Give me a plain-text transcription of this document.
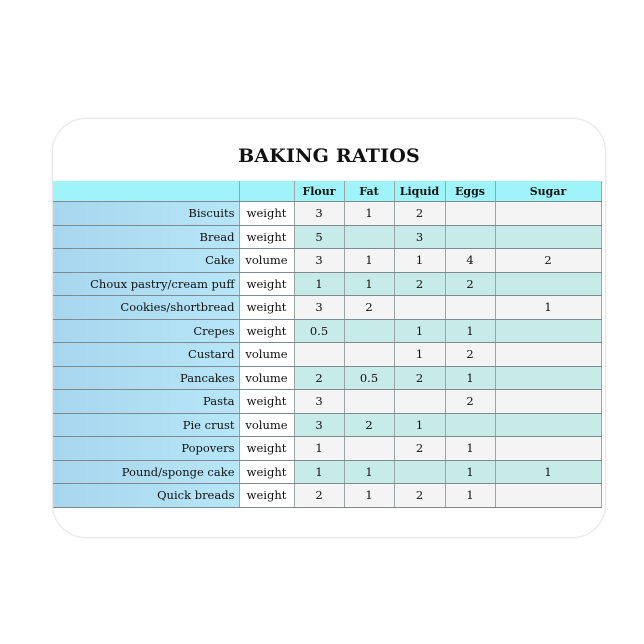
BAKING RATIOS
		Flour	Fat	Liquid	Eggs	Sugar
Biscuits	weight	3	1	2		
Bread	weight	5		3		
Cake	volume	3	1	1	4	2
Choux pastry/cream puff	weight	1	1	2	2	
Cookies/shortbread	weight	3	2			1
Crepes	weight	0.5		1	1	
Custard	volume			1	2	
Pancakes	volume	2	0.5	2	1	
Pasta	weight	3			2	
Pie crust	volume	3	2	1		
Popovers	weight	1		2	1	
Pound/sponge cake	weight	1	1		1	1
Quick breads	weight	2	1	2	1	
